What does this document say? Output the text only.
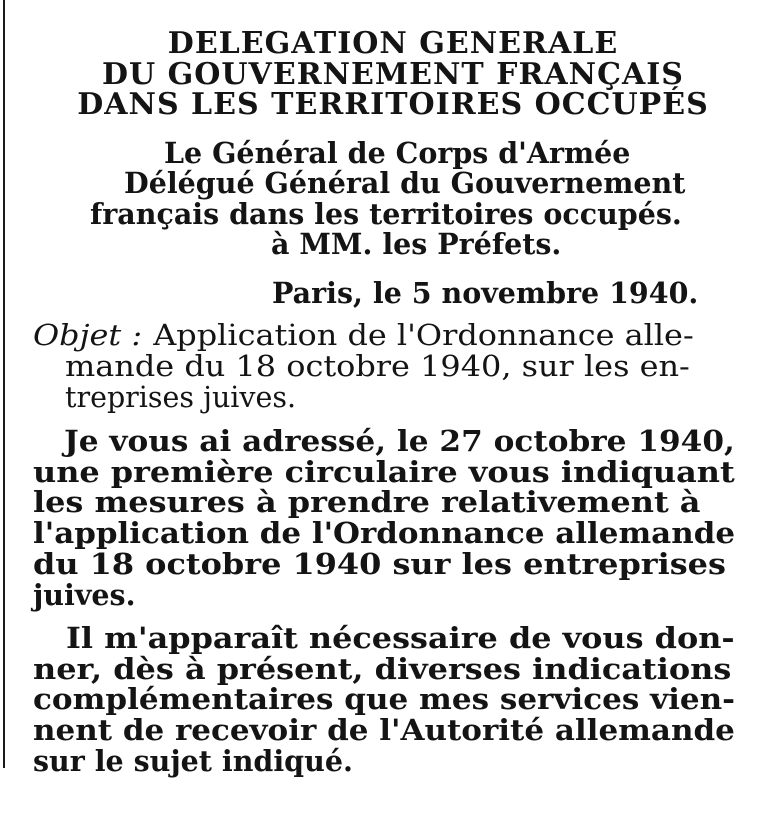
DELEGATION GENERALE
DU GOUVERNEMENT FRANÇAIS
DANS LES TERRITOIRES OCCUPÉS
Le Général de Corps d'Armée
Délégué Général du Gouvernement
français dans les territoires occupés.
à MM. les Préfets.
Paris, le 5 novembre 1940.
Objet : Application de l'Ordonnance alle-
mande du 18 octobre 1940, sur les en-
treprises juives.
Je vous ai adressé, le 27 octobre 1940,
une première circulaire vous indiquant
les mesures à prendre relativement à
l'application de l'Ordonnance allemande
du 18 octobre 1940 sur les entreprises
juives.
Il m'apparaît nécessaire de vous don-
ner, dès à présent, diverses indications
complémentaires que mes services vien-
nent de recevoir de l'Autorité allemande
sur le sujet indiqué.
